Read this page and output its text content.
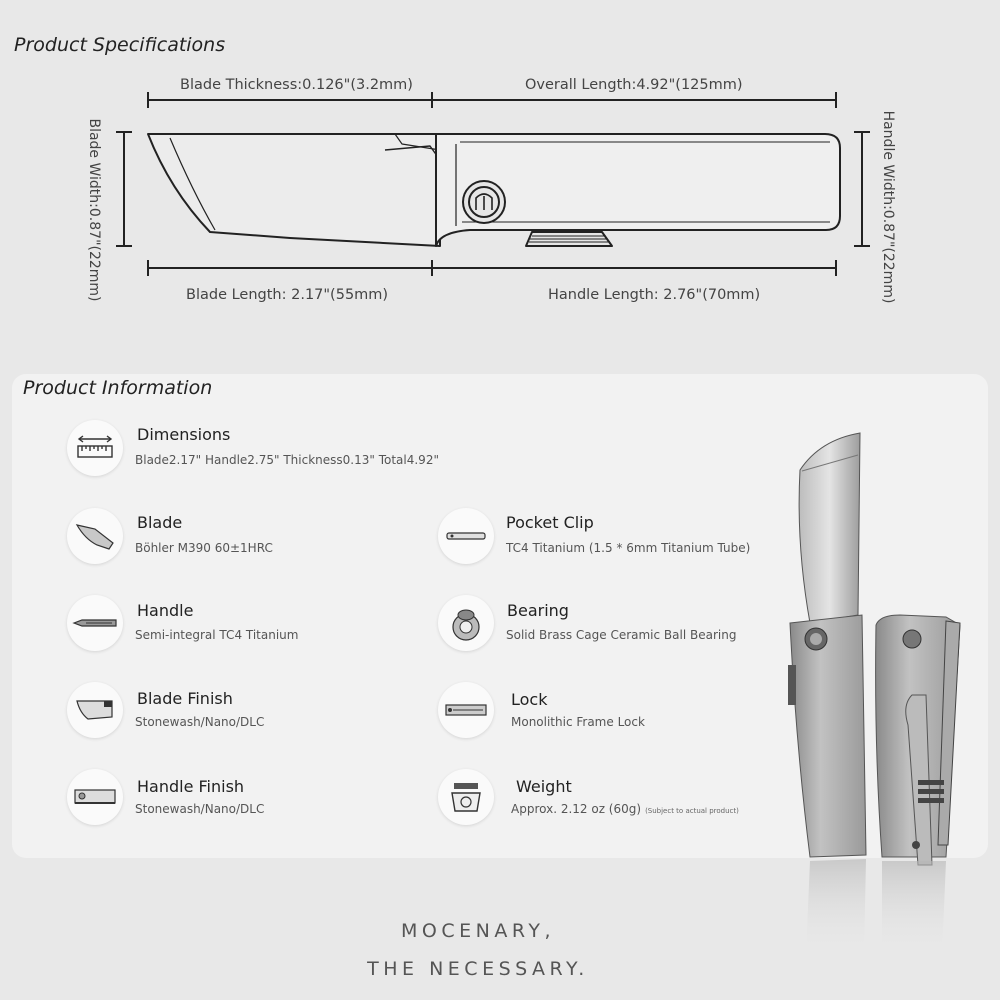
Product Specifications
Blade Thickness:0.126"(3.2mm)	Overall Length:4.92"(125mm)
Blade Length: 2.17"(55mm)	Handle Length: 2.76"(70mm)
Blade Width:0.87"(22mm)	Handle Width:0.87"(22mm)
Product Information
Dimensions
Blade2.17" Handle2.75" Thickness0.13" Total4.92"
Blade
Böhler M390 60±1HRC
Pocket Clip
TC4 Titanium (1.5 * 6mm Titanium Tube)
Handle
Semi-integral TC4 Titanium
Bearing
Solid Brass Cage Ceramic Ball Bearing
Blade Finish
Stonewash/Nano/DLC
Lock
Monolithic Frame Lock
Handle Finish
Stonewash/Nano/DLC
Weight
Approx. 2.12 oz (60g) (Subject to actual product)
MOCENARY,
THE NECESSARY.
